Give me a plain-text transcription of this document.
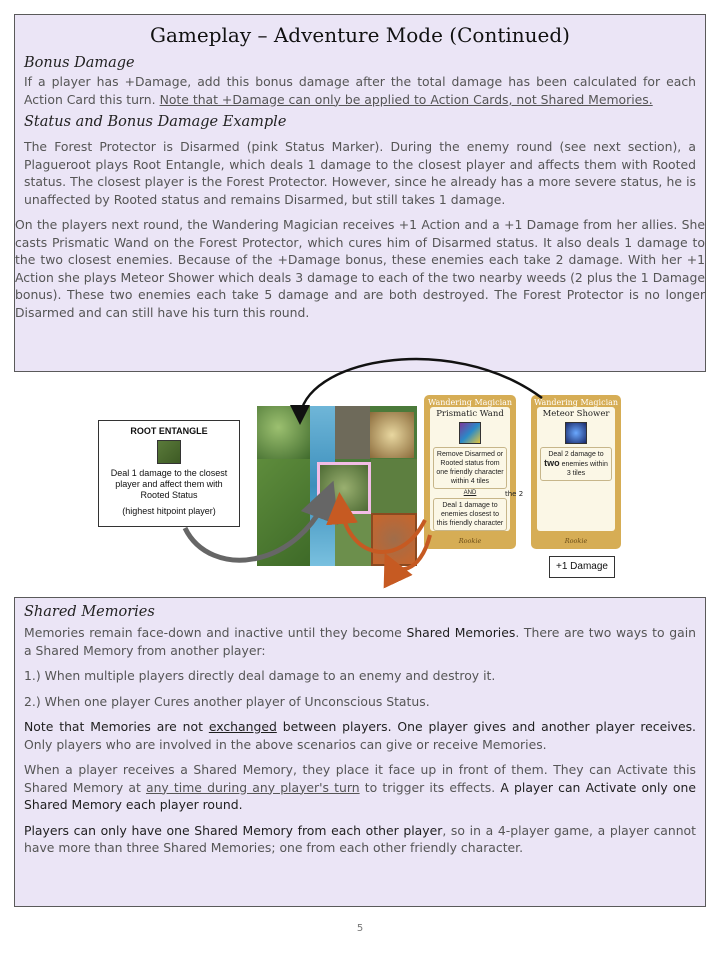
Gameplay – Adventure Mode (Continued)
Bonus Damage

If a player has +Damage, add this bonus damage after the total damage has been calculated for each Action Card this turn. Note that +Damage can only be applied to Action Cards, not Shared Memories.

Status and Bonus Damage Example

The Forest Protector is Disarmed (pink Status Marker). During the enemy round (see next section), a Plagueroot plays Root Entangle, which deals 1 damage to the closest player and affects them with Rooted status. The closest player is the Forest Protector. However, since he already has a more severe status, he is unaffected by Rooted status and remains Disarmed, but still takes 1 damage.

On the players next round, the Wandering Magician receives +1 Action and a +1 Damage from her allies. She casts Prismatic Wand on the Forest Protector, which cures him of Disarmed status. It also deals 1 damage to the two closest enemies. Because of the +Damage bonus, these enemies each take 2 damage. With her +1 Action she plays Meteor Shower which deals 3 damage to each of the two nearby weeds (2 plus the 1 Damage bonus). These two enemies each take 5 damage and are both destroyed. The Forest Protector is no longer Disarmed and can still have his turn this round.

ROOT ENTANGLE
Deal 1 damage to the closest player and affect them with Rooted Status
(highest hitpoint player)
Wandering Magician
Prismatic Wand
Remove Disarmed or Rooted status from one friendly character within 4 tiles
AND
Deal 1 damage to enemies closest to this friendly character
Rookie
the 2
Wandering Magician
Meteor Shower
Deal 2 damage to two enemies within 3 tiles
Rookie
+1 Damage
Shared Memories

Memories remain face-down and inactive until they become Shared Memories. There are two ways to gain a Shared Memory from another player:

1.) When multiple players directly deal damage to an enemy and destroy it.

2.) When one player Cures another player of Unconscious Status.

Note that Memories are not exchanged between players. One player gives and another player receives. Only players who are involved in the above scenarios can give or receive Memories.

When a player receives a Shared Memory, they place it face up in front of them. They can Activate this Shared Memory at any time during any player's turn to trigger its effects. A player can Activate only one Shared Memory each player round.

Players can only have one Shared Memory from each other player, so in a 4-player game, a player cannot have more than three Shared Memories; one from each other friendly character.

5
